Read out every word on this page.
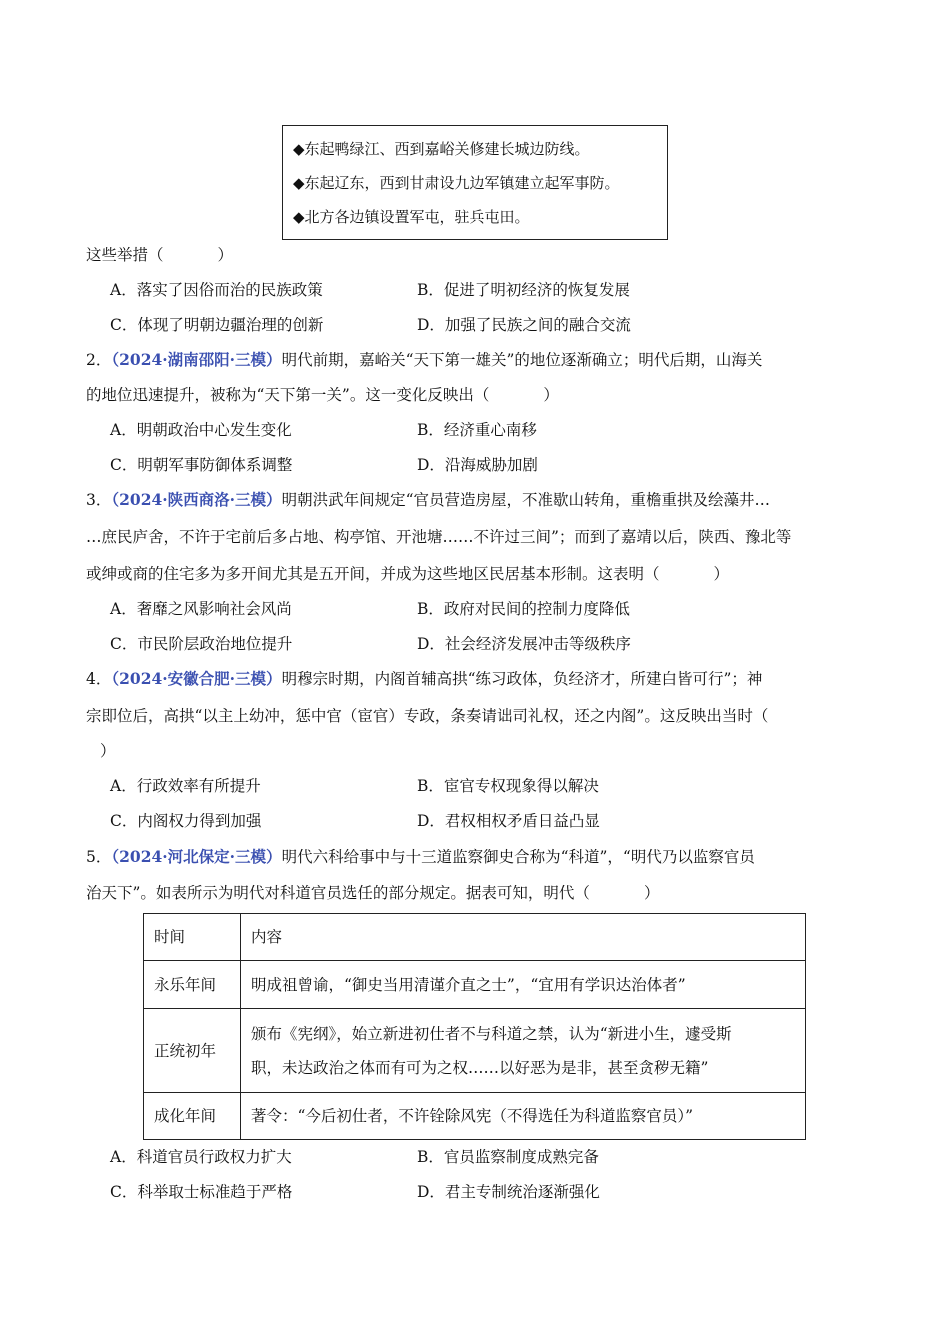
◆东起鸭绿江、西到嘉峪关修建长城边防线。
◆东起辽东，西到甘肃设九边军镇建立起军事防。
◆北方各边镇设置军屯，驻兵屯田。
这些举措（	）
A．落实了因俗而治的民族政策	B．促进了明初经济的恢复发展
C．体现了明朝边疆治理的创新	D．加强了民族之间的融合交流
2．（2024·湖南邵阳·三模）明代前期，嘉峪关“天下第一雄关”的地位逐渐确立；明代后期，山海关
的地位迅速提升，被称为“天下第一关”。这一变化反映出（	）
A．明朝政治中心发生变化	B．经济重心南移
C．明朝军事防御体系调整	D．沿海威胁加剧
3．（2024·陕西商洛·三模）明朝洪武年间规定“官员营造房屋，不准歇山转角，重檐重拱及绘藻井…
…庶民庐舍，不许于宅前后多占地、构亭馆、开池塘……不许过三间”；而到了嘉靖以后，陕西、豫北等
或绅或商的住宅多为多开间尤其是五开间，并成为这些地区民居基本形制。这表明（	）
A．奢靡之风影响社会风尚	B．政府对民间的控制力度降低
C．市民阶层政治地位提升	D．社会经济发展冲击等级秩序
4．（2024·安徽合肥·三模）明穆宗时期，内阁首辅高拱“练习政体，负经济才，所建白皆可行”；神
宗即位后，高拱“以主上幼冲，惩中官（宦官）专政，条奏请诎司礼权，还之内阁”。这反映出当时（
）
A．行政效率有所提升	B．宦官专权现象得以解决
C．内阁权力得到加强	D．君权相权矛盾日益凸显
5．（2024·河北保定·三模）明代六科给事中与十三道监察御史合称为“科道”，“明代乃以监察官员
治天下”。如表所示为明代对科道官员选任的部分规定。据表可知，明代（	）
时间	内容
永乐年间	明成祖曾谕，“御史当用清谨介直之士”，“宜用有学识达治体者”
正统初年	颁布《宪纲》，始立新进初仕者不与科道之禁，认为“新进小生，遽受斯
职，未达政治之体而有可为之权……以好恶为是非，甚至贪秽无籍”

成化年间	著令：“今后初仕者，不许铨除风宪（不得选任为科道监察官员）”
A．科道官员行政权力扩大	B．官员监察制度成熟完备
C．科举取士标准趋于严格	D．君主专制统治逐渐强化
